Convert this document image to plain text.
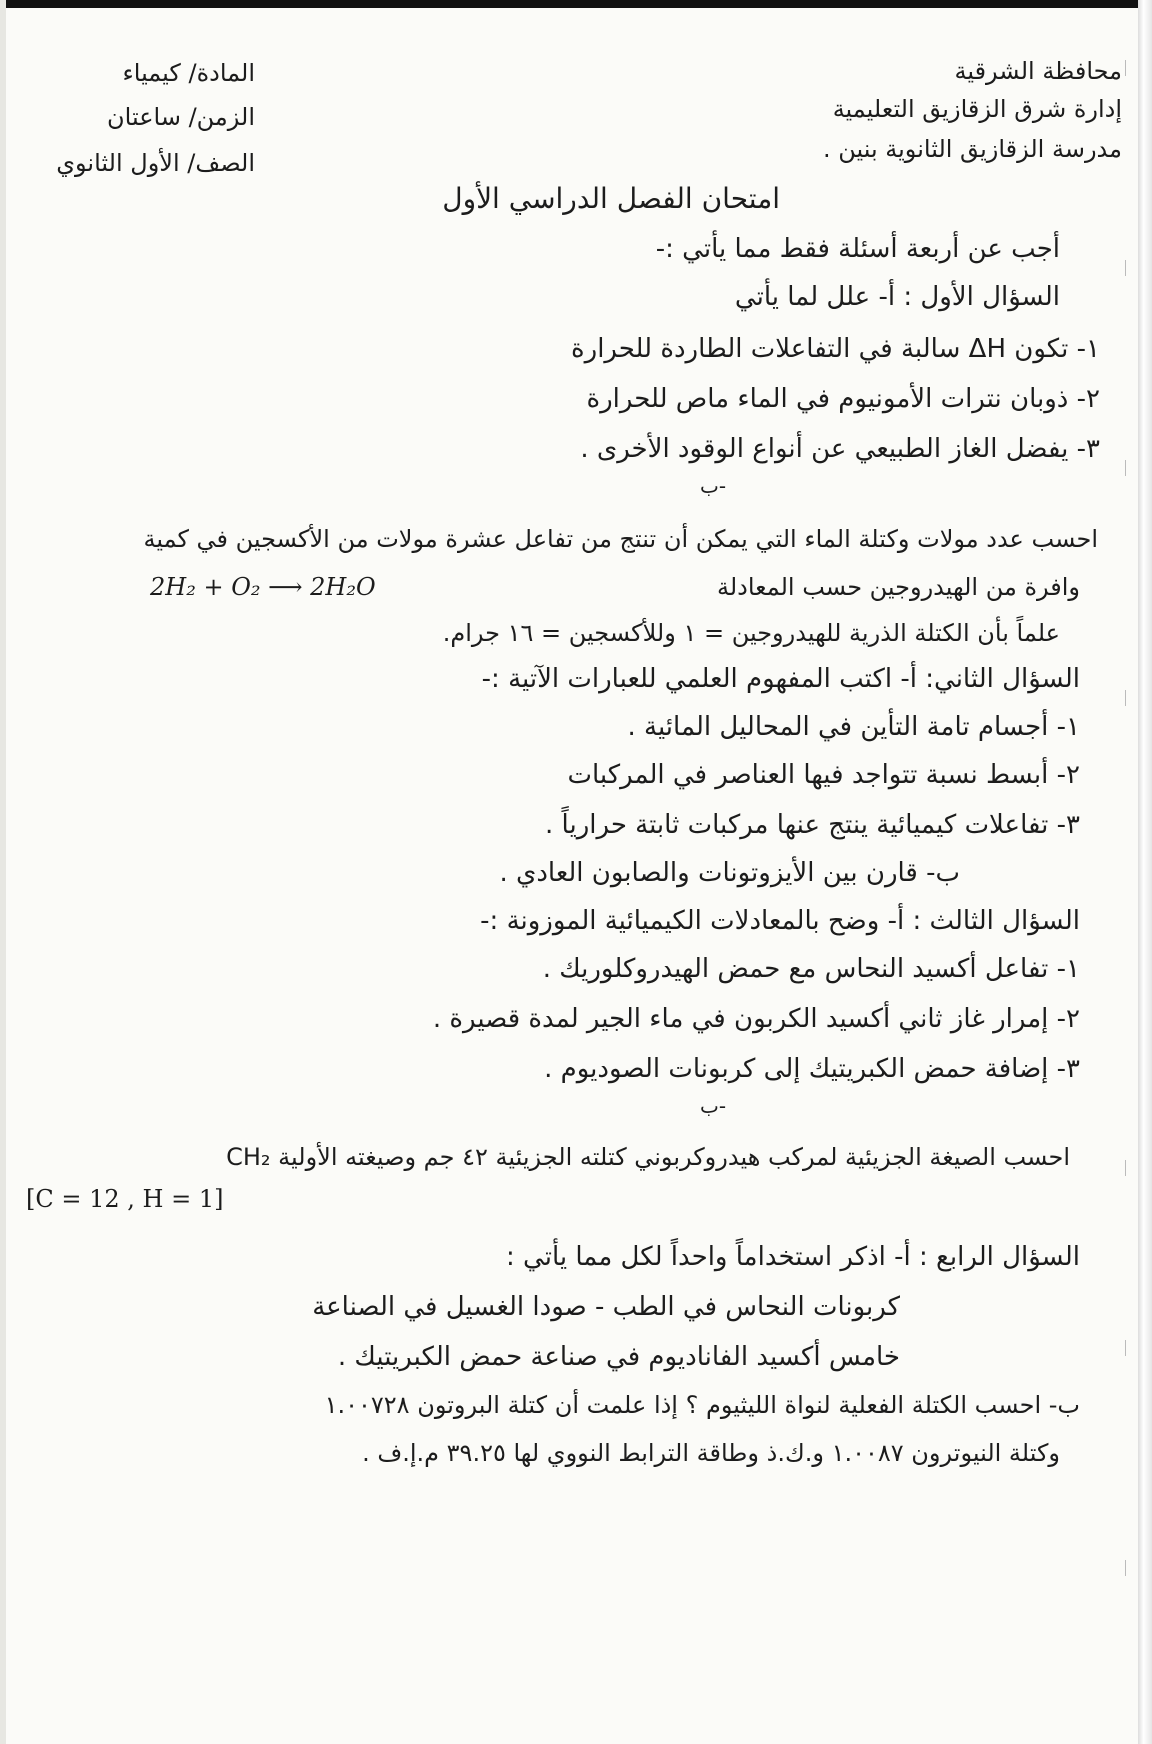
محافظة الشرقية
إدارة شرق الزقازيق التعليمية
مدرسة الزقازيق الثانوية بنين .
المادة/ كيمياء
الزمن/ ساعتان
الصف/ الأول الثانوي
امتحان الفصل الدراسي الأول
أجب عن أربعة أسئلة فقط مما يأتي :-
السؤال الأول : أ- علل لما يأتي
١- تكون ΔH سالبة في التفاعلات الطاردة للحرارة
٢- ذوبان نترات الأمونيوم في الماء ماص للحرارة
٣- يفضل الغاز الطبيعي عن أنواع الوقود الأخرى .
ب-
احسب عدد مولات وكتلة الماء التي يمكن أن تنتج من تفاعل عشرة مولات من الأكسجين في كمية
وافرة من الهيدروجين حسب المعادلة
2H₂ + O₂ ⟶ 2H₂O
علماً بأن الكتلة الذرية للهيدروجين = ١ وللأكسجين = ١٦ جرام.
السؤال الثاني: أ- اكتب المفهوم العلمي للعبارات الآتية :-
١- أجسام تامة التأين في المحاليل المائية .
٢- أبسط نسبة تتواجد فيها العناصر في المركبات
٣- تفاعلات كيميائية ينتج عنها مركبات ثابتة حرارياً .
ب- قارن بين الأيزوتونات والصابون العادي .
السؤال الثالث : أ- وضح بالمعادلات الكيميائية الموزونة :-
١- تفاعل أكسيد النحاس مع حمض الهيدروكلوريك .
٢- إمرار غاز ثاني أكسيد الكربون في ماء الجير لمدة قصيرة .
٣- إضافة حمض الكبريتيك إلى كربونات الصوديوم .
ب-
احسب الصيغة الجزيئية لمركب هيدروكربوني كتلته الجزيئية ٤٢ جم وصيغته الأولية CH₂
[C = 12 , H = 1]
السؤال الرابع : أ- اذكر استخداماً واحداً لكل مما يأتي :
كربونات النحاس في الطب - صودا الغسيل في الصناعة
خامس أكسيد الفاناديوم في صناعة حمض الكبريتيك .
ب- احسب الكتلة الفعلية لنواة الليثيوم ؟ إذا علمت أن كتلة البروتون ١.٠٠٧٢٨
وكتلة النيوترون ١.٠٠٨٧ و.ك.ذ وطاقة الترابط النووي لها ٣٩.٢٥ م.إ.ف .
